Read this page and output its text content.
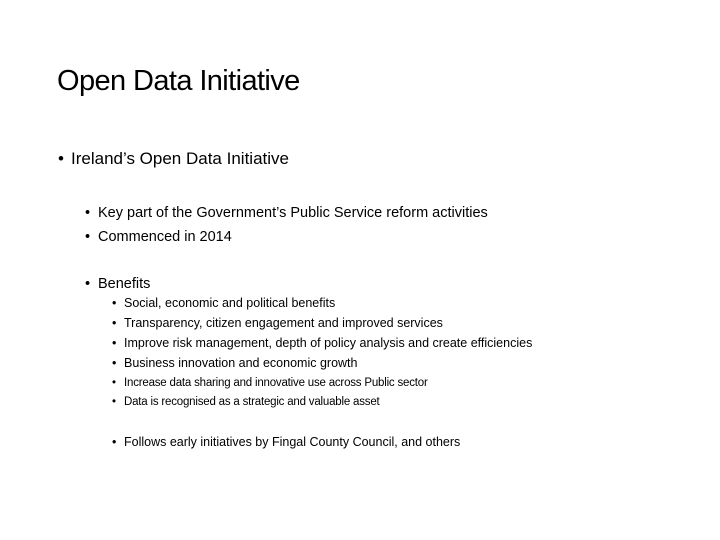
Open Data Initiative
• Ireland’s Open Data Initiative
• Key part of the Government’s Public Service reform activities
• Commenced in 2014
• Benefits
• Social, economic and political benefits
• Transparency, citizen engagement and improved services
• Improve risk management, depth of policy analysis and create efficiencies
• Business innovation and economic growth
• Increase data sharing and innovative use across Public sector
• Data is recognised as a strategic and valuable asset
• Follows early initiatives by Fingal County Council, and others
